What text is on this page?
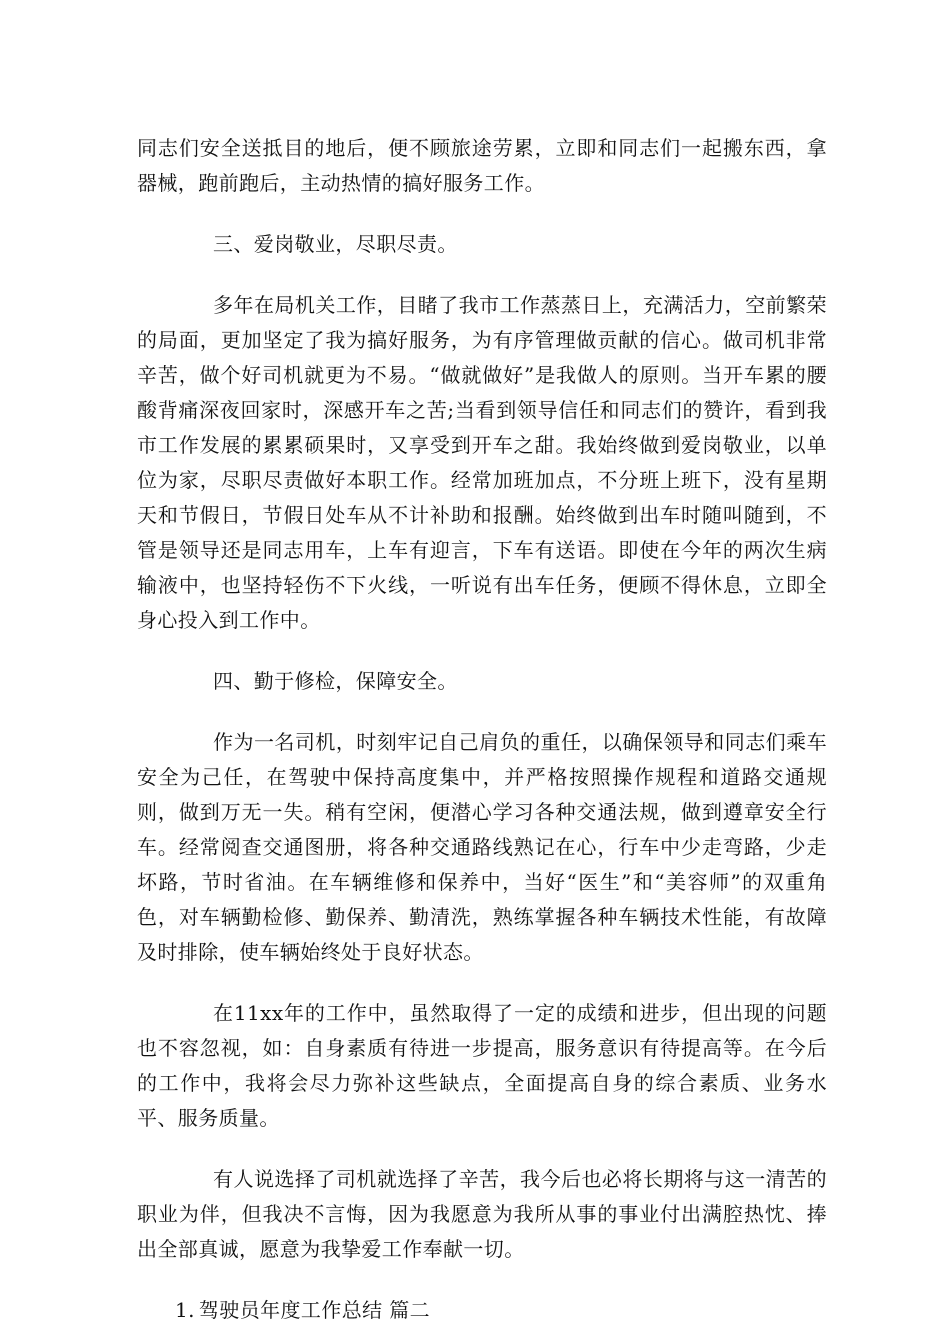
同志们安全送抵目的地后，便不顾旅途劳累，立即和同志们一起搬东西，拿器械，跑前跑后，主动热情的搞好服务工作。

三、爱岗敬业，尽职尽责。

多年在局机关工作，目睹了我市工作蒸蒸日上，充满活力，空前繁荣的局面，更加坚定了我为搞好服务，为有序管理做贡献的信心。做司机非常辛苦，做个好司机就更为不易。“做就做好”是我做人的原则。当开车累的腰酸背痛深夜回家时，深感开车之苦;当看到领导信任和同志们的赞许，看到我市工作发展的累累硕果时，又享受到开车之甜。我始终做到爱岗敬业，以单位为家，尽职尽责做好本职工作。经常加班加点，不分班上班下，没有星期天和节假日，节假日处车从不计补助和报酬。始终做到出车时随叫随到，不管是领导还是同志用车，上车有迎言，下车有送语。即使在今年的两次生病输液中，也坚持轻伤不下火线，一听说有出车任务，便顾不得休息，立即全身心投入到工作中。

四、勤于修检，保障安全。

作为一名司机，时刻牢记自己肩负的重任，以确保领导和同志们乘车安全为己任，在驾驶中保持高度集中，并严格按照操作规程和道路交通规则，做到万无一失。稍有空闲，便潜心学习各种交通法规，做到遵章安全行车。经常阅查交通图册，将各种交通路线熟记在心，行车中少走弯路，少走坏路，节时省油。在车辆维修和保养中，当好“医生”和“美容师”的双重角色，对车辆勤检修、勤保养、勤清洗，熟练掌握各种车辆技术性能，有故障及时排除，使车辆始终处于良好状态。

在11xx年的工作中，虽然取得了一定的成绩和进步，但出现的问题也不容忽视，如：自身素质有待进一步提高，服务意识有待提高等。在今后的工作中，我将会尽力弥补这些缺点，全面提高自身的综合素质、业务水平、服务质量。

有人说选择了司机就选择了辛苦，我今后也必将长期将与这一清苦的职业为伴，但我决不言悔，因为我愿意为我所从事的事业付出满腔热忱、捧出全部真诚，愿意为我挚爱工作奉献一切。

1. 驾驶员年度工作总结 篇二
